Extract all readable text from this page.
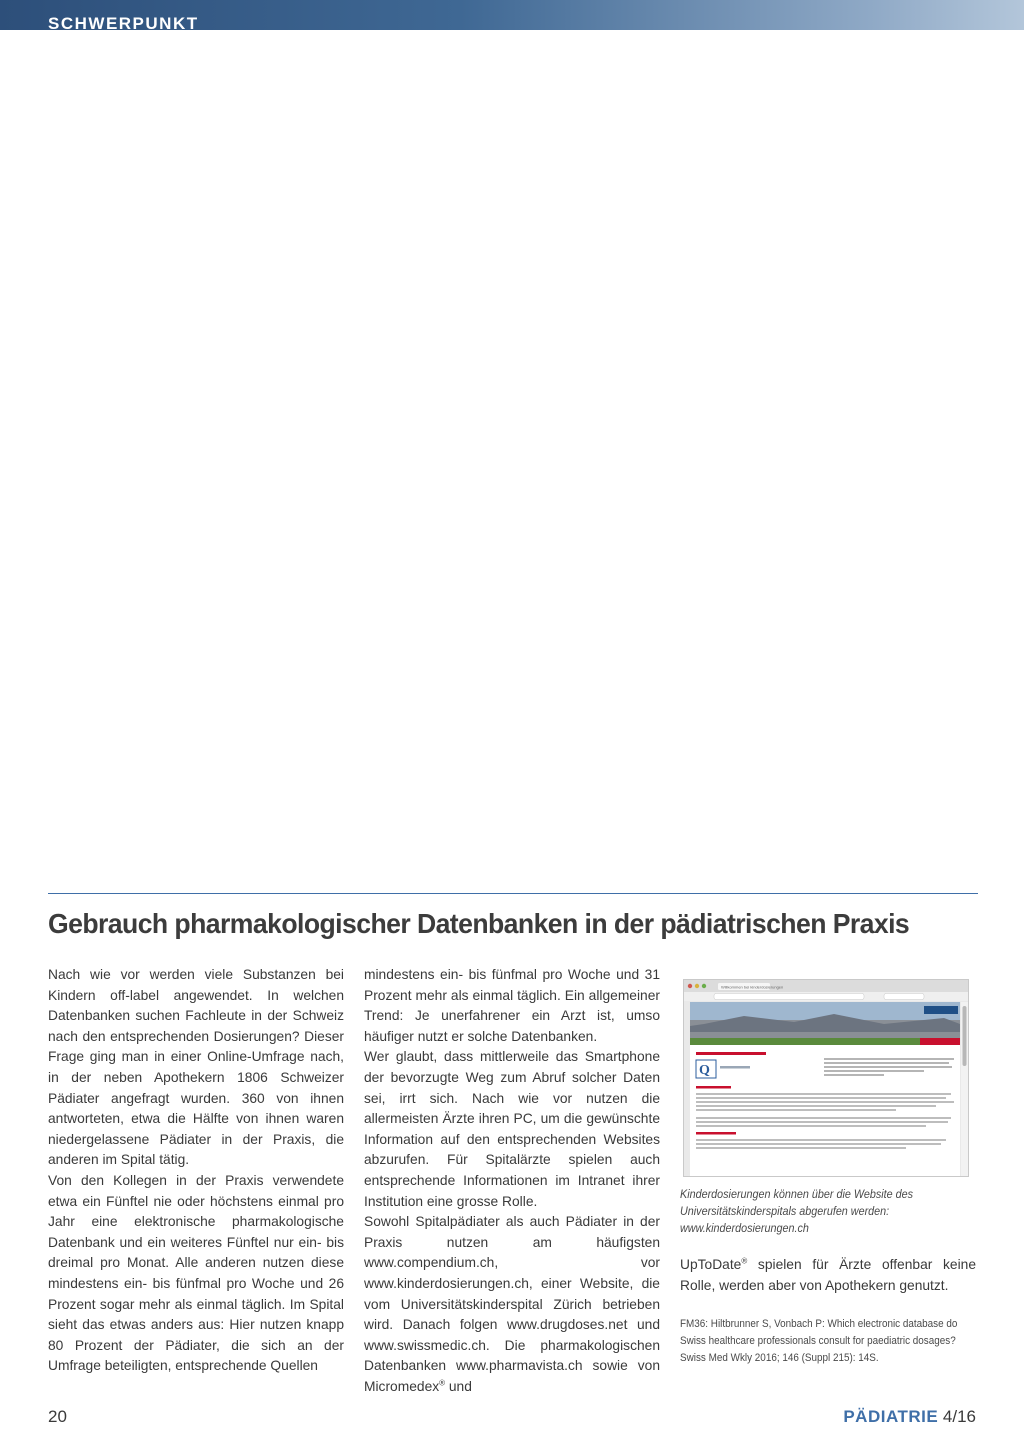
SCHWERPUNKT

Gebrauch pharmakologischer Datenbanken in der pädiatrischen Praxis

Nach wie vor werden viele Substanzen bei Kindern off-label angewendet. In welchen Datenbanken suchen Fachleute in der Schweiz nach den entsprechenden Dosierungen? Dieser Frage ging man in einer Online-Umfrage nach, in der neben Apothekern 1806 Schweizer Pädiater angefragt wurden. 360 von ihnen antworteten, etwa die Hälfte von ihnen waren niedergelassene Pädiater in der Praxis, die anderen im Spital tätig.

Von den Kollegen in der Praxis verwendete etwa ein Fünftel nie oder höchstens einmal pro Jahr eine elektronische pharmakologische Datenbank und ein weiteres Fünftel nur ein- bis dreimal pro Monat. Alle anderen nutzen diese mindestens ein- bis fünfmal pro Woche und 26 Prozent sogar mehr als einmal täglich. Im Spital sieht das etwas anders aus: Hier nutzen knapp 80 Prozent der Pädiater, die sich an der Umfrage beteiligten, entsprechende Quellen

mindestens ein- bis fünfmal pro Woche und 31 Prozent mehr als einmal täglich. Ein allgemeiner Trend: Je unerfahrener ein Arzt ist, umso häufiger nutzt er solche Datenbanken.

Wer glaubt, dass mittlerweile das Smartphone der bevorzugte Weg zum Abruf solcher Daten sei, irrt sich. Nach wie vor nutzen die allermeisten Ärzte ihren PC, um die gewünschte Information auf den entsprechenden Websites abzurufen. Für Spitalärzte spielen auch entsprechende Informationen im Intranet ihrer Institution eine grosse Rolle.

Sowohl Spitalpädiater als auch Pädiater in der Praxis nutzen am häufigsten www.compendium.ch, vor www.kinderdosierungen.ch, einer Website, die vom Universitätskinderspital Zürich betrieben wird. Danach folgen www.drugdoses.net und www.swissmedic.ch. Die pharmakologischen Datenbanken www.pharmavista.ch sowie von Micromedex® und

Willkommen bei kinderdosierungen
Q

Kinderdosierungen können über die Website des Universitätskinderspitals abgerufen werden: www.kinderdosierungen.ch

UpToDate® spielen für Ärzte offenbar keine Rolle, werden aber von Apothekern genutzt.

FM36: Hiltbrunner S, Vonbach P: Which electronic database do Swiss healthcare professionals consult for paediatric dosages? Swiss Med Wkly 2016; 146 (Suppl 215): 14S.

20	PÄDIATRIE 4/16
